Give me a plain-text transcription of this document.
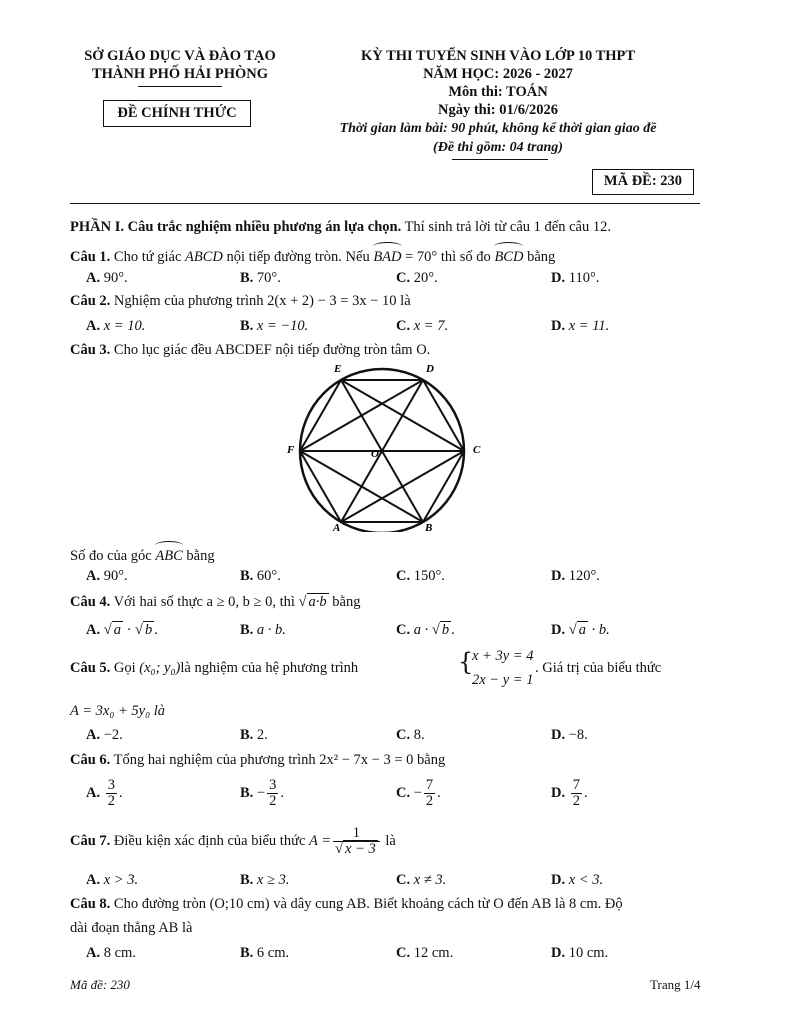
SỞ GIÁO DỤC VÀ ĐÀO TẠO
THÀNH PHỐ HẢI PHÒNG
ĐỀ CHÍNH THỨC
KỲ THI TUYỂN SINH VÀO LỚP 10 THPT
NĂM HỌC: 2026 - 2027
Môn thi: TOÁN
Ngày thi: 01/6/2026
Thời gian làm bài: 90 phút, không kể thời gian giao đề
(Đề thi gồm: 04 trang)
MÃ ĐỀ: 230
PHẦN I. Câu trắc nghiệm nhiều phương án lựa chọn. Thí sinh trả lời từ câu 1 đến câu 12.
Câu 1. Cho tứ giác ABCD nội tiếp đường tròn. Nếu BAD = 70° thì số đo BCD bằng
A. 90°.	B. 70°.	C. 20°.	D. 110°.
Câu 2. Nghiệm của phương trình 2(x + 2) − 3 = 3x − 10 là
A. x = 10.	B. x = −10.	C. x = 7.	D. x = 11.
Câu 3. Cho lục giác đều ABCDEF nội tiếp đường tròn tâm O.
E	D
F	C
O
A	B
Số đo của góc ABC bằng
A. 90°.	B. 60°.	C. 150°.	D. 120°.
Câu 4. Với hai số thực a ≥ 0, b ≥ 0, thì √ a·b bằng
A. √ a · √ b .	B. a · b.	C. a · √ b .	D. √ a · b.
Câu 5. Gọi (x₀; y₀)là nghiệm của hệ phương trình	{
x + 3y = 4
2x − y = 1
. Giá trị của biểu thức
A = 3x₀ + 5y₀ là
A. −2.	B. 2.	C. 8.	D. −8.
Câu 6. Tổng hai nghiệm của phương trình 2x² − 7x − 3 = 0 bằng
A. $\frac{3}{2}$ .	B. − $\frac{3}{2}$ .	C. − $\frac{7}{2}$ .	D. $\frac{7}{2}$ .
Câu 7. Điều kiện xác định của biểu thức $A = \frac{1}{√ x - 3}$ là
A. x > 3.	B. x ≥ 3.	C. x ≠ 3.	D. x < 3.
Câu 8. Cho đường tròn (O;10 cm) và dây cung AB. Biết khoảng cách từ O đến AB là 8 cm. Độ
dài đoạn thẳng AB là
A. 8 cm.	B. 6 cm.	C. 12 cm.	D. 10 cm.
Mã đề: 230	Trang 1/4
